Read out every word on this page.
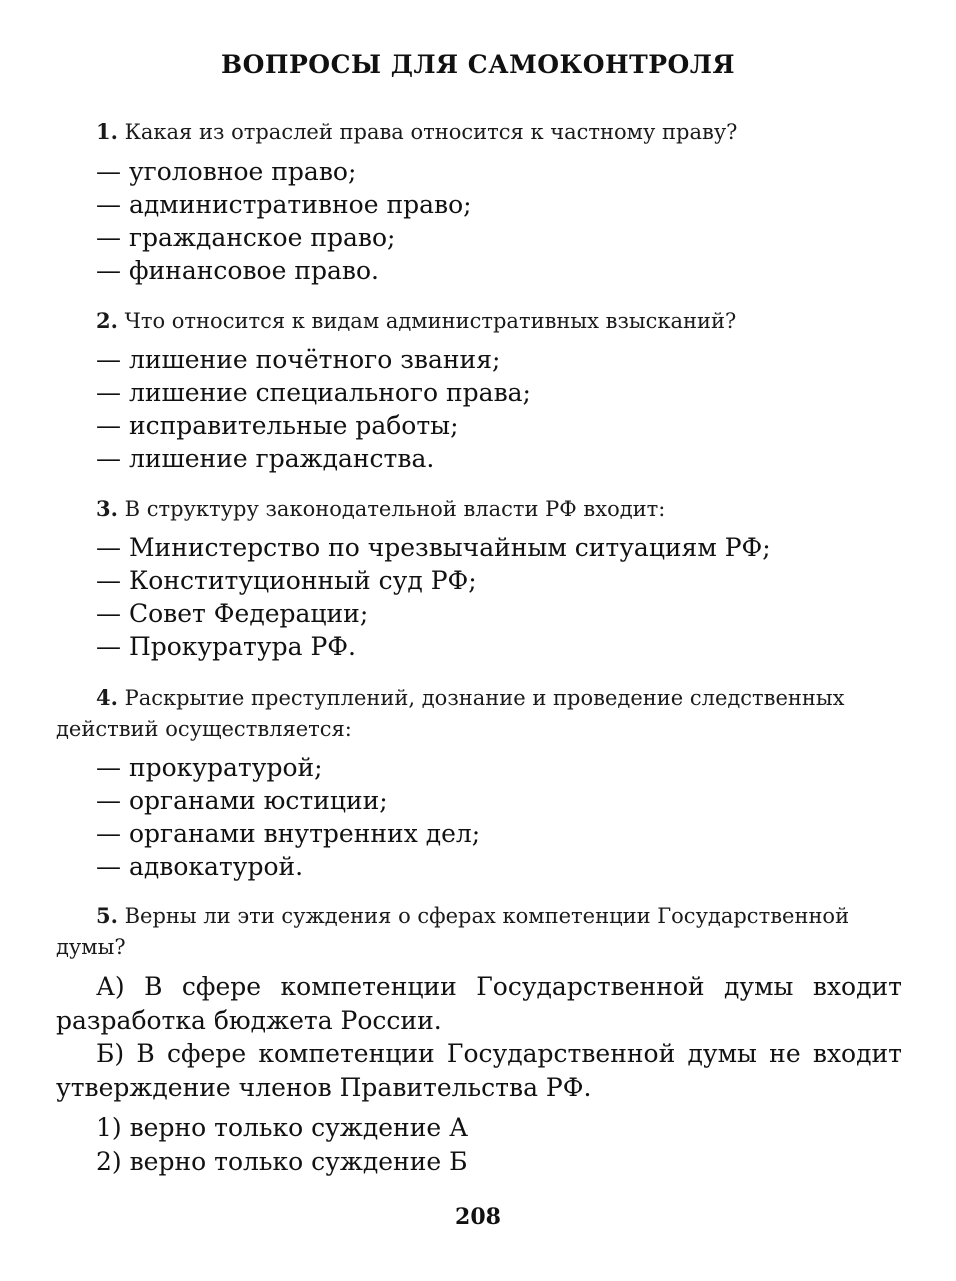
ВОПРОСЫ ДЛЯ САМОКОНТРОЛЯ
1. Какая из отраслей права относится к частному праву?
— уголовное право;
— административное право;
— гражданское право;
— финансовое право.
2. Что относится к видам административных взысканий?
— лишение почётного звания;
— лишение специального права;
— исправительные работы;
— лишение гражданства.
3. В структуру законодательной власти РФ входит:
— Министерство по чрезвычайным ситуациям РФ;
— Конституционный суд РФ;
— Совет Федерации;
— Прокуратура РФ.
4. Раскрытие преступлений, дознание и проведение следственных
действий осуществляется:
— прокуратурой;
— органами юстиции;
— органами внутренних дел;
— адвокатурой.
5. Верны ли эти суждения о сферах компетенции Государственной
думы?
А) В сфере компетенции Государственной думы входит разработка бюджета России.
Б) В сфере компетенции Государственной думы не входит утверждение членов Правительства РФ.
1) верно только суждение А
2) верно только суждение Б
208
